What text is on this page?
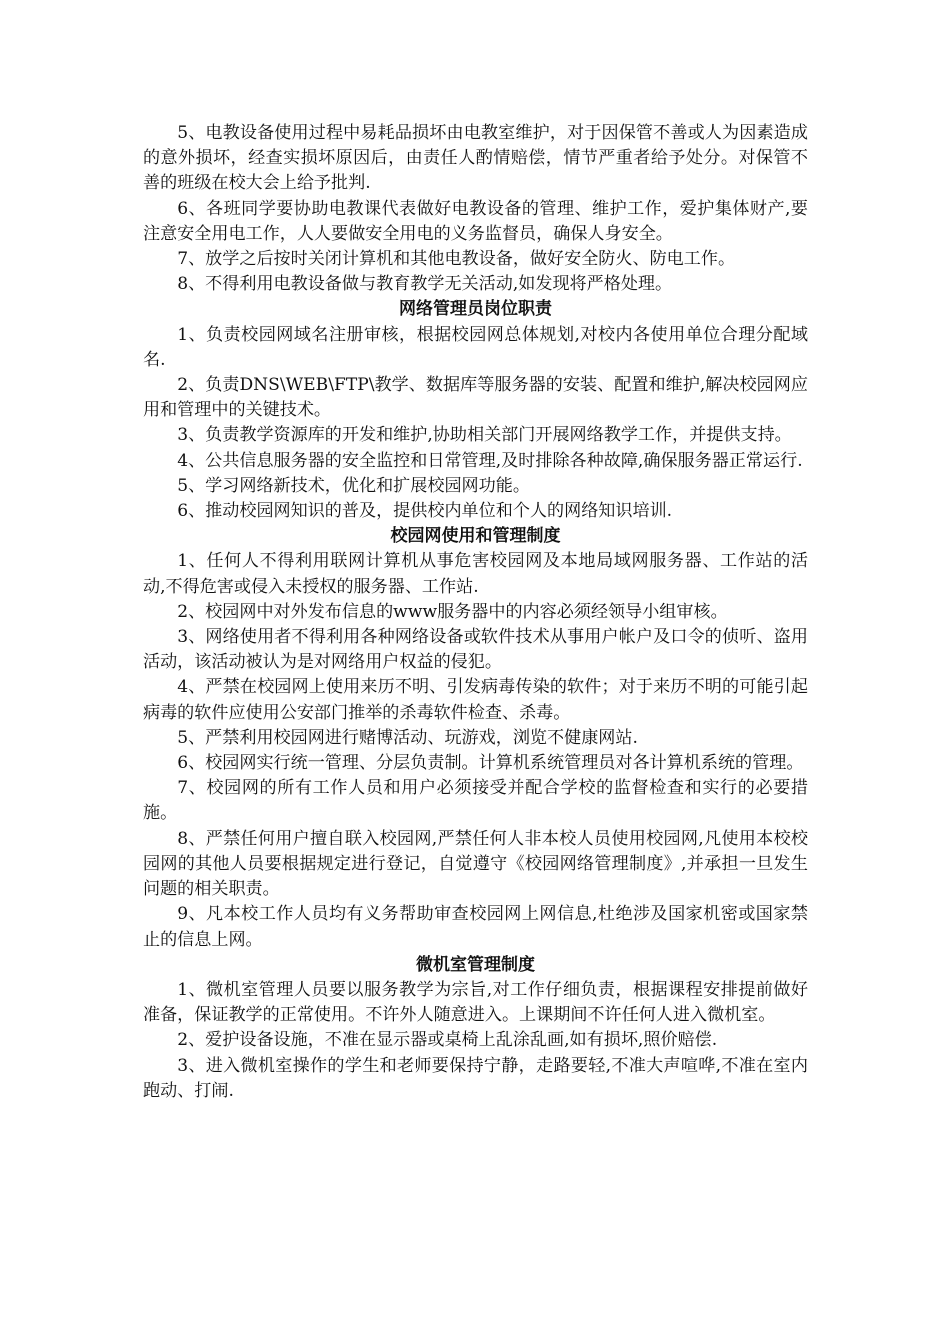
5、电教设备使用过程中易耗品损坏由电教室维护，对于因保管不善或人为因素造成的意外损坏，经查实损坏原因后，由责任人酌情赔偿，情节严重者给予处分。对保管不善的班级在校大会上给予批判.

6、各班同学要协助电教课代表做好电教设备的管理、维护工作，爱护集体财产,要注意安全用电工作，人人要做安全用电的义务监督员，确保人身安全。

7、放学之后按时关闭计算机和其他电教设备，做好安全防火、防电工作。

8、不得利用电教设备做与教育教学无关活动,如发现将严格处理。

网络管理员岗位职责

1、负责校园网域名注册审核，根据校园网总体规划,对校内各使用单位合理分配域名.

2、负责DNS\WEB\FTP\教学、数据库等服务器的安装、配置和维护,解决校园网应用和管理中的关键技术。

3、负责教学资源库的开发和维护,协助相关部门开展网络教学工作，并提供支持。

4、公共信息服务器的安全监控和日常管理,及时排除各种故障,确保服务器正常运行.

5、学习网络新技术，优化和扩展校园网功能。

6、推动校园网知识的普及，提供校内单位和个人的网络知识培训.

校园网使用和管理制度

1、任何人不得利用联网计算机从事危害校园网及本地局域网服务器、工作站的活动,不得危害或侵入未授权的服务器、工作站.

2、校园网中对外发布信息的www服务器中的内容必须经领导小组审核。

3、网络使用者不得利用各种网络设备或软件技术从事用户帐户及口令的侦听、盗用活动，该活动被认为是对网络用户权益的侵犯。

4、严禁在校园网上使用来历不明、引发病毒传染的软件；对于来历不明的可能引起病毒的软件应使用公安部门推举的杀毒软件检查、杀毒。

5、严禁利用校园网进行赌博活动、玩游戏，浏览不健康网站.

6、校园网实行统一管理、分层负责制。计算机系统管理员对各计算机系统的管理。

7、校园网的所有工作人员和用户必须接受并配合学校的监督检查和实行的必要措施。

8、严禁任何用户擅自联入校园网,严禁任何人非本校人员使用校园网,凡使用本校校园网的其他人员要根据规定进行登记，自觉遵守《校园网络管理制度》,并承担一旦发生问题的相关职责。

9、凡本校工作人员均有义务帮助审查校园网上网信息,杜绝涉及国家机密或国家禁止的信息上网。

微机室管理制度

1、微机室管理人员要以服务教学为宗旨,对工作仔细负责，根据课程安排提前做好准备，保证教学的正常使用。不许外人随意进入。上课期间不许任何人进入微机室。

2、爱护设备设施，不准在显示器或桌椅上乱涂乱画,如有损坏,照价赔偿.

3、进入微机室操作的学生和老师要保持宁静，走路要轻,不准大声喧哗,不准在室内跑动、打闹.
